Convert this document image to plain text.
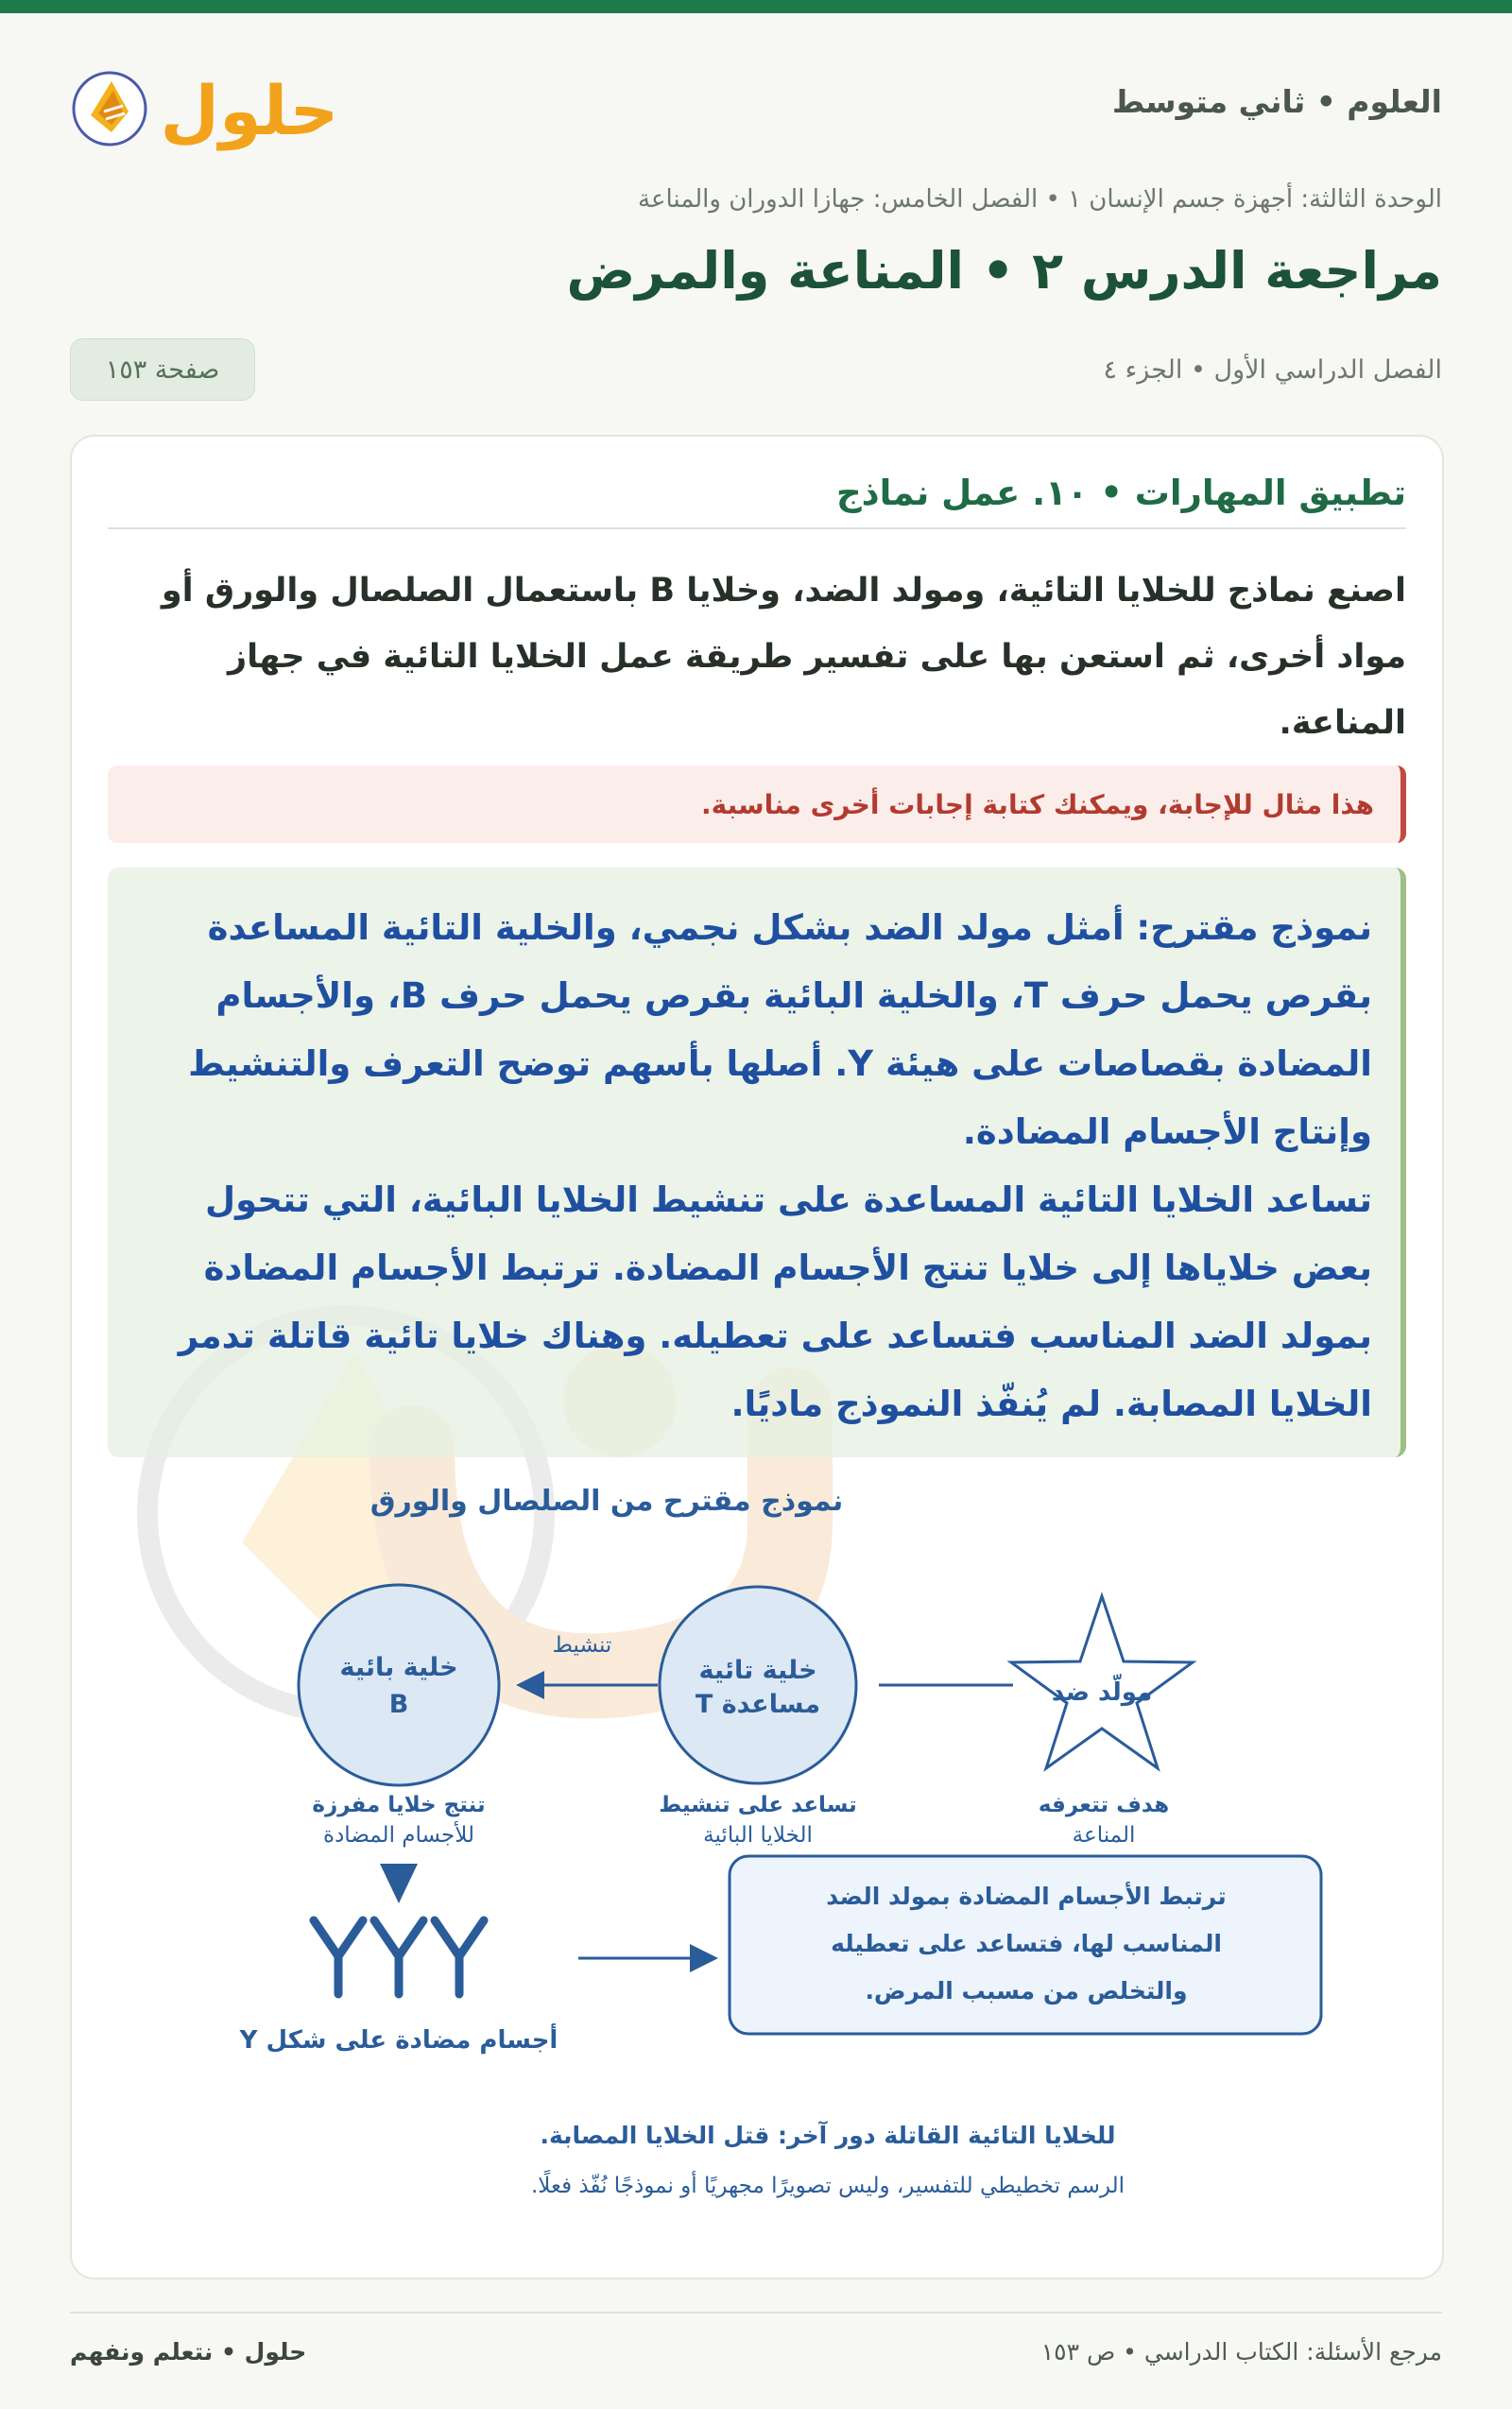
العلوم • ثاني متوسط
حلول
الوحدة الثالثة: أجهزة جسم الإنسان ١ • الفصل الخامس: جهازا الدوران والمناعة
مراجعة الدرس ٢ • المناعة والمرض
الفصل الدراسي الأول • الجزء ٤
صفحة ١٥٣
تطبيق المهارات • ١٠. عمل نماذج
اصنع نماذج للخلايا التائية، ومولد الضد، وخلايا B باستعمال الصلصال والورق أو مواد أخرى، ثم استعن بها على تفسير طريقة عمل الخلايا التائية في جهاز المناعة.
هذا مثال للإجابة، ويمكنك كتابة إجابات أخرى مناسبة.

نموذج مقترح: أمثل مولد الضد بشكل نجمي، والخلية التائية المساعدة بقرص يحمل حرف T، والخلية البائية بقرص يحمل حرف B، والأجسام المضادة بقصاصات على هيئة Y. أصلها بأسهم توضح التعرف والتنشيط وإنتاج الأجسام المضادة.

تساعد الخلايا التائية المساعدة على تنشيط الخلايا البائية، التي تتحول بعض خلاياها إلى خلايا تنتج الأجسام المضادة. ترتبط الأجسام المضادة بمولد الضد المناسب فتساعد على تعطيله. وهناك خلايا تائية قاتلة تدمر الخلايا المصابة. لم يُنفّذ النموذج ماديًا.

نموذج مقترح من الصلصال والورق
مولّد ضد
هدف تتعرفه
المناعة
خلية تائية
مساعدة T
تساعد على تنشيط
الخلايا البائية
تنشيط
خلية بائية
B
تنتج خلايا مفرزة
للأجسام المضادة
أجسام مضادة على شكل Y
ترتبط الأجسام المضادة بمولد الضد
المناسب لها، فتساعد على تعطيله
والتخلص من مسبب المرض.
للخلايا التائية القاتلة دور آخر: قتل الخلايا المصابة.
الرسم تخطيطي للتفسير، وليس تصويرًا مجهريًا أو نموذجًا نُفّذ فعلًا.
مرجع الأسئلة: الكتاب الدراسي • ص ١٥٣
حلول • نتعلم ونفهم
